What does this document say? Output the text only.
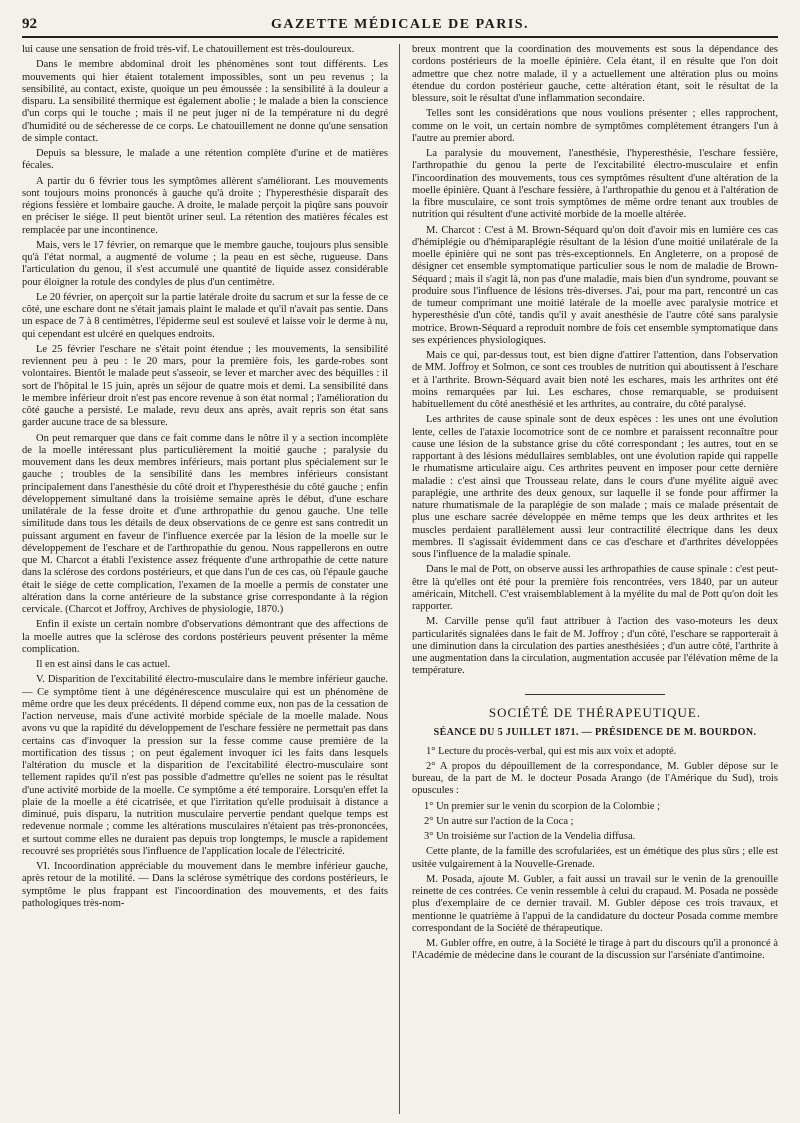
92	GAZETTE MÉDICALE DE PARIS.

lui cause une sensation de froid très-vif. Le chatouillement est très-douloureux.

Dans le membre abdominal droit les phénomènes sont tout différents. Les mouvements qui hier étaient totalement impossibles, sont un peu revenus ; la sensibilité, au contact, existe, quoique un peu émoussée : la sensibilité à la douleur a disparu. La sensibilité thermique est également abolie ; le malade a bien la conscience d'un corps qui le touche ; mais il ne peut juger ni de la température ni du degré d'humidité ou de sécheresse de ce corps. Le chatouillement ne donne qu'une sensation de simple contact.

Depuis sa blessure, le malade a une rétention complète d'urine et de matières fécales.

A partir du 6 février tous les symptômes allèrent s'améliorant. Les mouvements sont toujours moins prononcés à gauche qu'à droite ; l'hyperesthésie disparaît des régions fessière et lombaire gauche. A droite, le malade perçoit la piqûre sans pouvoir en préciser le siége. Il peut bientôt uriner seul. La rétention des matières fécales est remplacée par une incontinence.

Mais, vers le 17 février, on remarque que le membre gauche, toujours plus sensible qu'à l'état normal, a augmenté de volume ; la peau en est sèche, rugueuse. Dans l'articulation du genou, il s'est accumulé une quantité de liquide assez considérable pour éloigner la rotule des condyles de plus d'un centimètre.

Le 20 février, on aperçoit sur la partie latérale droite du sacrum et sur la fesse de ce côté, une eschare dont ne s'était jamais plaint le malade et qu'il n'avait pas sentie. Dans un espace de 7 à 8 centimètres, l'épiderme seul est soulevé et laisse voir le derme à nu, qui cependant est ulcéré en quelques endroits.

Le 25 février l'eschare ne s'était point étendue ; les mouvements, la sensibilité reviennent peu à peu : le 20 mars, pour la première fois, les garde-robes sont volontaires. Bientôt le malade peut s'asseoir, se lever et marcher avec des béquilles : il sort de l'hôpital le 15 juin, après un séjour de quatre mois et demi. La sensibilité dans le membre inférieur droit n'est pas encore revenue à son état normal ; l'amélioration du côté gauche a persisté. Le malade, revu deux ans après, avait repris son état sans garder aucune trace de sa blessure.

On peut remarquer que dans ce fait comme dans le nôtre il y a section incomplète de la moelle intéressant plus particulièrement la moitié gauche ; paralysie du mouvement dans les deux membres inférieurs, mais portant plus spécialement sur le gauche ; troubles de la sensibilité dans les membres inférieurs consistant principalement dans l'anesthésie du côté droit et l'hyperesthésie du côté gauche ; enfin développement simultané dans la troisième semaine après le début, d'une eschare unilatérale de la fesse droite et d'une arthropathie du genou gauche. Une telle similitude dans tous les détails de deux observations de ce genre est sans contredit un puissant argument en faveur de l'influence exercée par la lésion de la moelle sur le développement de l'eschare et de l'arthropathie du genou. Nous rappellerons en outre que M. Charcot a établi l'existence assez fréquente d'une arthropathie de cette nature dans la sclérose des cordons postérieurs, et que dans l'un de ces cas, où l'épaule gauche était le siége de cette complication, l'examen de la moelle a permis de constater une altération dans la corne antérieure de la substance grise correspondante à la région cervicale. (Charcot et Joffroy, Archives de physiologie, 1870.)

Enfin il existe un certain nombre d'observations démontrant que des affections de la moelle autres que la sclérose des cordons postérieurs peuvent présenter la même complication.

Il en est ainsi dans le cas actuel.

V. Disparition de l'excitabilité électro-musculaire dans le membre inférieur gauche. — Ce symptôme tient à une dégénérescence musculaire qui est un phénomène de même ordre que les deux précédents. Il dépend comme eux, non pas de la cessation de l'action nerveuse, mais d'une activité morbide spéciale de la moelle malade. Nous avons vu que la rapidité du développement de l'eschare fessière ne permettait pas dans certains cas d'invoquer la pression sur la fesse comme cause première de la mortification des tissus ; on peut également invoquer ici les faits dans lesquels l'altération du muscle et la disparition de l'excitabilité électro-musculaire sont tellement rapides qu'il n'est pas possible d'admettre qu'elles ne soient pas le résultat d'une activité morbide de la moelle. Ce symptôme a été temporaire. Lorsqu'en effet la plaie de la moelle a été cicatrisée, et que l'irritation qu'elle produisait à distance a diminué, puis disparu, la nutrition musculaire pervertie pendant quelque temps est redevenue normale ; comme les altérations musculaires n'étaient pas très-prononcées, et surtout comme elles ne duraient pas depuis trop longtemps, le muscle a rapidement recouvré ses propriétés sous l'influence de l'application locale de l'électricité.

VI. Incoordination appréciable du mouvement dans le membre inférieur gauche, après retour de la motilité. — Dans la sclérose symétrique des cordons postérieurs, le symptôme le plus frappant est l'incoordination des mouvements, et des faits pathologiques très-nom-

breux montrent que la coordination des mouvements est sous la dépendance des cordons postérieurs de la moelle épinière. Cela étant, il en résulte que l'on doit admettre que chez notre malade, il y a actuellement une altération plus ou moins étendue du cordon postérieur gauche, cette altération étant, soit le résultat de la blessure, soit le résultat d'une inflammation secondaire.

Telles sont les considérations que nous voulions présenter ; elles rapprochent, comme on le voit, un certain nombre de symptômes complétement étrangers l'un à l'autre au premier abord.

La paralysie du mouvement, l'anesthésie, l'hyperesthésie, l'eschare fessière, l'arthropathie du genou la perte de l'excitabilité électro-musculaire et enfin l'incoordination des mouvements, tous ces symptômes résultent d'une altération de la moelle épinière. Quant à l'eschare fessière, à l'arthropathie du genou et à l'altération de la fibre musculaire, ce sont trois symptômes de même ordre tenant aux troubles de nutrition qui résultent d'une activité morbide de la moelle altérée.

M. Charcot : C'est à M. Brown-Séquard qu'on doit d'avoir mis en lumière ces cas d'hémiplégie ou d'hémiparaplégie résultant de la lésion d'une moitié unilatérale de la moelle épinière qui ne sont pas très-exceptionnels. En Angleterre, on a proposé de désigner cet ensemble symptomatique particulier sous le nom de maladie de Brown-Séquard ; mais il s'agit là, non pas d'une maladie, mais bien d'un syndrome, pouvant se produire sous l'influence de lésions très-diverses. J'ai, pour ma part, rencontré un cas de tumeur comprimant une moitié latérale de la moelle avec paralysie motrice et hyperesthésie d'un côté, tandis qu'il y avait anesthésie de l'autre côté sans paralysie motrice. Brown-Séquard a reproduit nombre de fois cet ensemble symptomatique dans ses expériences physiologiques.

Mais ce qui, par-dessus tout, est bien digne d'attirer l'attention, dans l'observation de MM. Joffroy et Solmon, ce sont ces troubles de nutrition qui aboutissent à l'eschare et à l'arthrite. Brown-Séquard avait bien noté les eschares, mais les arthrites ont été moins remarquées par lui. Les eschares, chose remarquable, se produisent habituellement du côté anesthésié et les arthrites, au contraire, du côté paralysé.

Les arthrites de cause spinale sont de deux espèces : les unes ont une évolution lente, celles de l'ataxie locomotrice sont de ce nombre et paraissent reconnaître pour cause une lésion de la substance grise du côté correspondant ; les autres, tout en se rapportant à des lésions médullaires semblables, ont une évolution rapide qui rappelle le rhumatisme articulaire aigu. Ces arthrites peuvent en imposer pour cette dernière maladie : c'est ainsi que Trousseau relate, dans le cours d'une myélite aiguë avec paraplégie, une arthrite des deux genoux, sur laquelle il se fonde pour affirmer la nature rhumatismale de la paraplégie de son malade ; mais ce malade présentait de plus une eschare sacrée développée en même temps que les deux arthrites et les muscles perdaient parallèlement aussi leur contractilité électrique dans les deux membres. Il s'agissait évidemment dans ce cas d'eschare et d'arthrites développées sous l'influence de la maladie spinale.

Dans le mal de Pott, on observe aussi les arthropathies de cause spinale : c'est peut-être là qu'elles ont été pour la première fois rencontrées, vers 1840, par un auteur américain, Mitchell. C'est vraisemblablement à la myélite du mal de Pott qu'on doit les rapporter.

M. Carville pense qu'il faut attribuer à l'action des vaso-moteurs les deux particularités signalées dans le fait de M. Joffroy ; d'un côté, l'eschare se rapporterait à une diminution dans la circulation des parties anesthésiées ; d'un autre côté, l'arthrite à une augmentation dans la circulation, augmentation accusée par l'élévation même de la température.

SOCIÉTÉ DE THÉRAPEUTIQUE.
SÉANCE DU 5 JUILLET 1871. — PRÉSIDENCE DE M. BOURDON.

1° Lecture du procès-verbal, qui est mis aux voix et adopté.

2° A propos du dépouillement de la correspondance, M. Gubler dépose sur le bureau, de la part de M. le docteur Posada Arango (de l'Amérique du Sud), trois opuscules :

1° Un premier sur le venin du scorpion de la Colombie ;

2° Un autre sur l'action de la Coca ;

3° Un troisième sur l'action de la Vendelia diffusa.

Cette plante, de la famille des scrofulariées, est un émétique des plus sûrs ; elle est usitée vulgairement à la Nouvelle-Grenade.

M. Posada, ajoute M. Gubler, a fait aussi un travail sur le venin de la grenouille reinette de ces contrées. Ce venin ressemble à celui du crapaud. M. Posada ne possède plus d'exemplaire de ce dernier travail. M. Gubler dépose ces trois travaux, et mentionne le quatrième à l'appui de la candidature du docteur Posada comme membre correspondant de la Société de thérapeutique.

M. Gubler offre, en outre, à la Société le tirage à part du discours qu'il a prononcé à l'Académie de médecine dans le courant de la discussion sur l'arséniate d'antimoine.
